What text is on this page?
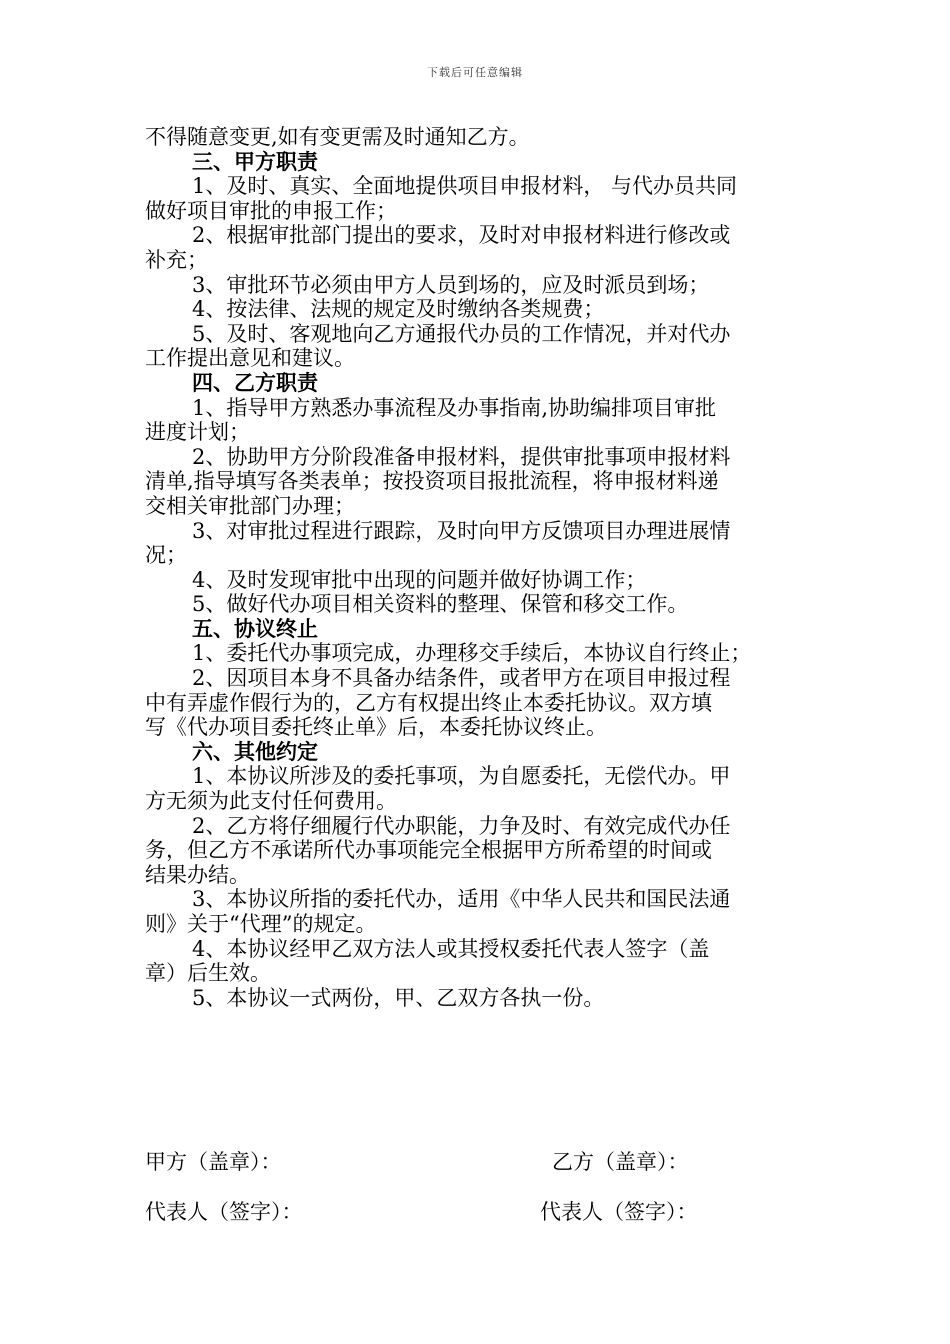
下载后可任意编辑

不得随意变更,如有变更需及时通知乙方。

三、甲方职责

1、及时、真实、全面地提供项目申报材料， 与代办员共同

做好项目审批的申报工作；

2、根据审批部门提出的要求，及时对申报材料进行修改或

补充；

3、审批环节必须由甲方人员到场的，应及时派员到场；

4、按法律、法规的规定及时缴纳各类规费；

5、及时、客观地向乙方通报代办员的工作情况，并对代办

工作提出意见和建议。

四、乙方职责

1、指导甲方熟悉办事流程及办事指南,协助编排项目审批

进度计划；

2、协助甲方分阶段准备申报材料，提供审批事项申报材料

清单,指导填写各类表单；按投资项目报批流程，将申报材料递

交相关审批部门办理；

3、对审批过程进行跟踪，及时向甲方反馈项目办理进展情

况；

4、及时发现审批中出现的问题并做好协调工作；

5、做好代办项目相关资料的整理、保管和移交工作。

五、协议终止

1、委托代办事项完成，办理移交手续后，本协议自行终止；

2、因项目本身不具备办结条件，或者甲方在项目申报过程

中有弄虚作假行为的，乙方有权提出终止本委托协议。双方填

写《代办项目委托终止单》后，本委托协议终止。

六、其他约定

1、本协议所涉及的委托事项，为自愿委托，无偿代办。甲

方无须为此支付任何费用。

2、乙方将仔细履行代办职能，力争及时、有效完成代办任

务，但乙方不承诺所代办事项能完全根据甲方所希望的时间或

结果办结。

3、本协议所指的委托代办，适用《中华人民共和国民法通

则》关于“代理”的规定。

4、本协议经甲乙双方法人或其授权委托代表人签字（盖

章）后生效。

5、本协议一式两份，甲、乙双方各执一份。

甲方（盖章）：	乙方（盖章）：
代表人（签字）：	代表人（签字）：
